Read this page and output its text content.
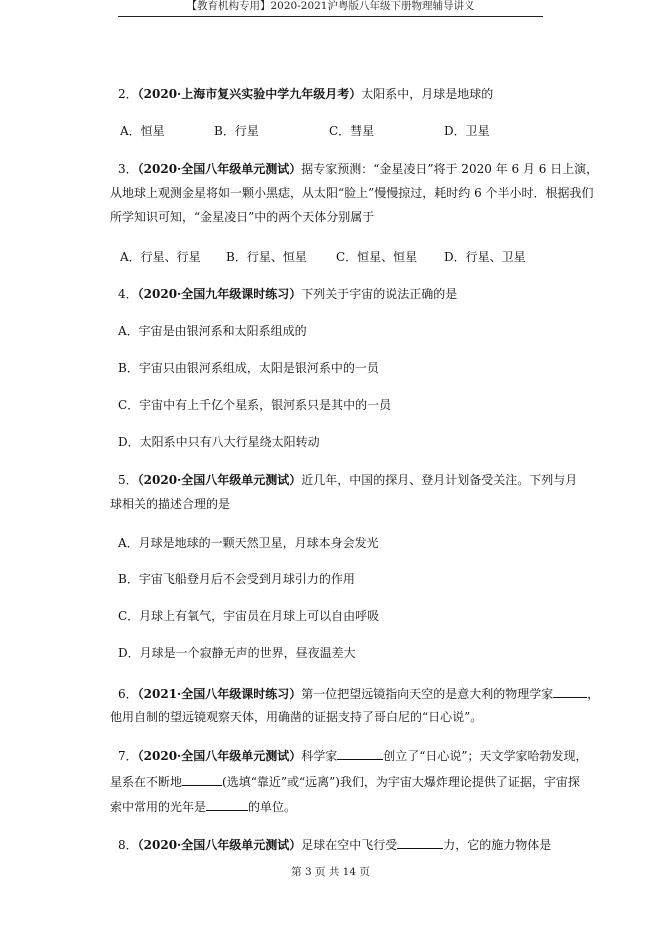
【教育机构专用】2020-2021沪粤版八年级下册物理辅导讲义
2．（2020·上海市复兴实验中学九年级月考）太阳系中，月球是地球的
A．恒星	B．行星	C．彗星	D．卫星
3．（2020·全国八年级单元测试）据专家预测：“金星凌日”将于 2020 年 6 月 6 日上演，
从地球上观测金星将如一颗小黑痣，从太阳“脸上”慢慢掠过，耗时约 6 个半小时．根据我们
所学知识可知，“金星凌日”中的两个天体分别属于
A．行星、行星 B．行星、恒星 C．恒星、恒星 D．行星、卫星
4．（2020·全国九年级课时练习）下列关于宇宙的说法正确的是
A．宇宙是由银河系和太阳系组成的
B．宇宙只由银河系组成，太阳是银河系中的一员
C．宇宙中有上千亿个星系，银河系只是其中的一员
D．太阳系中只有八大行星绕太阳转动
5．（2020·全国八年级单元测试）近几年，中国的探月、登月计划备受关注。下列与月
球相关的描述合理的是
A．月球是地球的一颗天然卫星，月球本身会发光
B．宇宙飞船登月后不会受到月球引力的作用
C．月球上有氧气，宇宙员在月球上可以自由呼吸
D．月球是一个寂静无声的世界，昼夜温差大
6．（2021·全国八年级课时练习）第一位把望远镜指向天空的是意大利的物理学家	，
他用自制的望远镜观察天体，用确凿的证据支持了哥白尼的“日心说”。
7．（2020·全国八年级单元测试）科学家	创立了“日心说”；天文学家哈勃发现，
星系在不断地	(选填“靠近”或“远离”)我们，为宇宙大爆炸理论提供了证据，宇宙探
索中常用的光年是	的单位。
8．（2020·全国八年级单元测试）足球在空中飞行受	力，它的施力物体是
第 3 页 共 14 页
